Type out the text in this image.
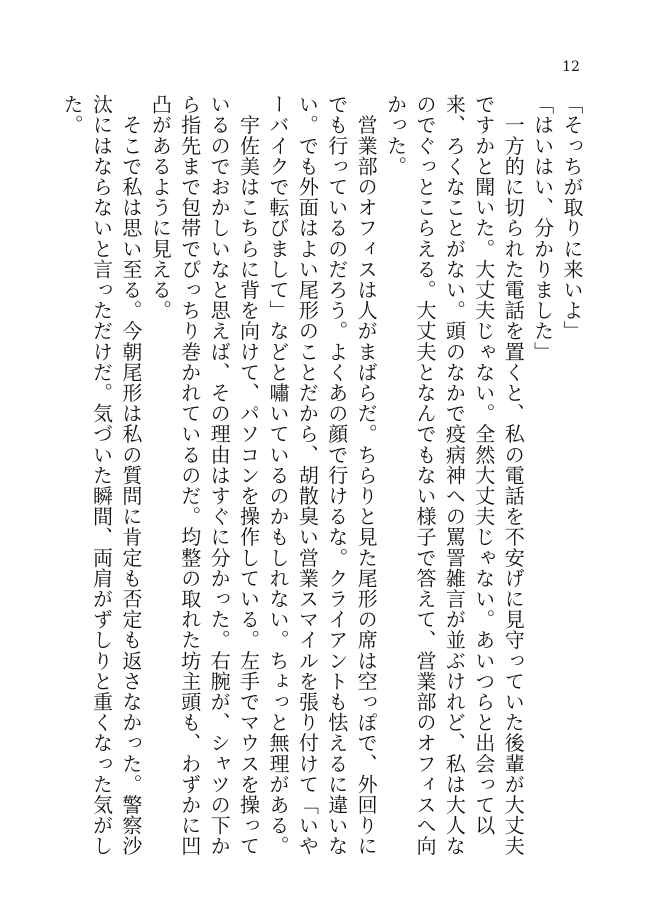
12

「そっちが取りに来いよ」

「はいはい、分かりました」

　一方的に切られた電話を置くと、私の電話を不安げに見守っていた後輩が大丈夫ですかと聞いた。大丈夫じゃない。全然大丈夫じゃない。あいつらと出会って以来、ろくなことがない。頭のなかで疫病神への罵詈雑言が並ぶけれど、私は大人なのでぐっとこらえる。大丈夫となんでもない様子で答えて、営業部のオフィスへ向かった。

　営業部のオフィスは人がまばらだ。ちらりと見た尾形の席は空っぽで、外回りにでも行っているのだろう。よくあの顔で行けるな。クライアントも怯えるに違いない。でも外面はよい尾形のことだから、胡散臭い営業スマイルを張り付けて「いやーバイクで転びまして」などと嘯いているのかもしれない。ちょっと無理がある。

　宇佐美はこちらに背を向けて、パソコンを操作している。左手でマウスを操っているのでおかしいなと思えば、その理由はすぐに分かった。右腕が、シャツの下から指先まで包帯でぴっちり巻かれているのだ。均整の取れた坊主頭も、わずかに凹凸があるように見える。

　そこで私は思い至る。今朝尾形は私の質問に肯定も否定も返さなかった。警察沙汰にはならないと言っただけだ。気づいた瞬間、両肩がずしりと重くなった気がした。
